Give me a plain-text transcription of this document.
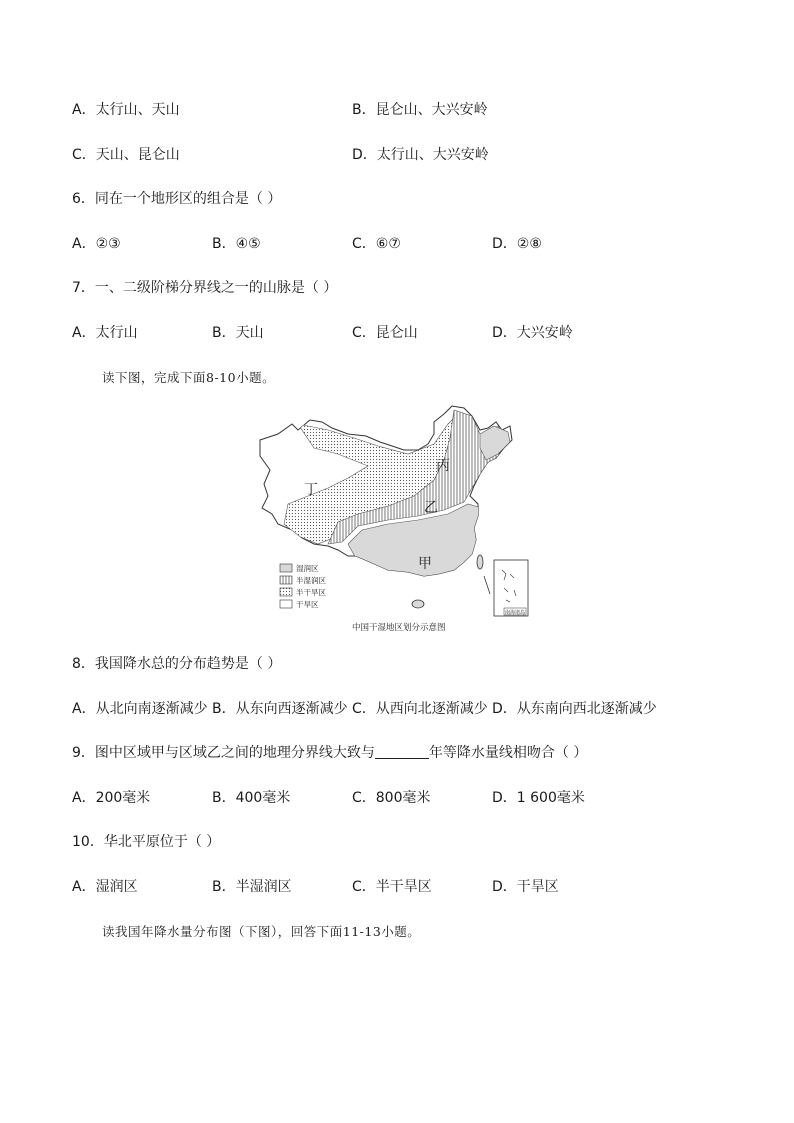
A．太行山、天山	B．昆仑山、大兴安岭
C．天山、昆仑山	D．太行山、大兴安岭
6．同在一个地形区的组合是（ ）
A．②③	B．④⑤	C．⑥⑦	D．②⑧
7．一、二级阶梯分界线之一的山脉是（ ）
A．太行山	B．天山	C．昆仑山	D．大兴安岭
读下图，完成下面8-10小题。
丁
丙
乙
甲
湿润区
半湿润区
半干旱区
干旱区
南海诸岛
中国干湿地区划分示意图
8．我国降水总的分布趋势是（ ）
A．从北向南逐渐减少 B．从东向西逐渐减少 C．从西向北逐渐减少 D．从东南向西北逐渐减少
9．图中区域甲与区域乙之间的地理分界线大致与	年等降水量线相吻合（ ）
A．200毫米	B．400毫米	C．800毫米	D．1 600毫米
10．华北平原位于（ ）
A．湿润区	B．半湿润区	C．半干旱区	D．干旱区
读我国年降水量分布图（下图），回答下面11-13小题。
